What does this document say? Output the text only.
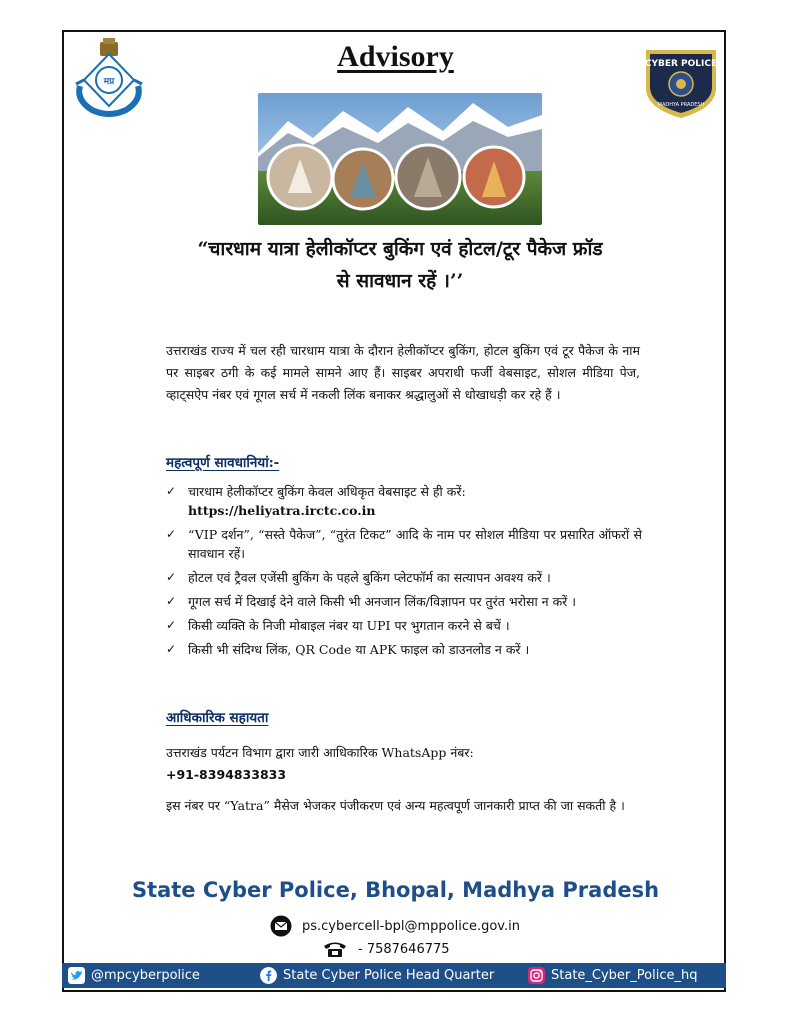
मप्र
CYBER POLICE
MADHYA PRADESH
Advisory
“चारधाम यात्रा हेलीकॉप्टर बुकिंग एवं होटल/टूर पैकेज फ्रॉड
से सावधान रहें ।’’
उत्तराखंड राज्य में चल रही चारधाम यात्रा के दौरान हेलीकॉप्टर बुकिंग, होटल बुकिंग एवं टूर पैकेज के नाम पर साइबर ठगी के कई मामले सामने आए हैं। साइबर अपराधी फर्जी वेबसाइट, सोशल मीडिया पेज, व्हाट्सऐप नंबर एवं गूगल सर्च में नकली लिंक बनाकर श्रद्धालुओं से धोखाधड़ी कर रहे हैं ।
महत्वपूर्ण सावधानियां:-
✓ चारधाम हेलीकॉप्टर बुकिंग केवल अधिकृत वेबसाइट से ही करें:
https://heliyatra.irctc.co.in
✓ “VIP दर्शन”, “सस्ते पैकेज”, “तुरंत टिकट” आदि के नाम पर सोशल मीडिया पर प्रसारित ऑफरों से सावधान रहें।
✓ होटल एवं ट्रैवल एजेंसी बुकिंग के पहले बुकिंग प्लेटफॉर्म का सत्यापन अवश्य करें ।
✓ गूगल सर्च में दिखाई देने वाले किसी भी अनजान लिंक/विज्ञापन पर तुरंत भरोसा न करें ।
✓ किसी व्यक्ति के निजी मोबाइल नंबर या UPI पर भुगतान करने से बचें ।
✓ किसी भी संदिग्ध लिंक, QR Code या APK फाइल को डाउनलोड न करें ।
आधिकारिक सहायता
उत्तराखंड पर्यटन विभाग द्वारा जारी आधिकारिक WhatsApp नंबर:
+91-8394833833
इस नंबर पर “Yatra” मैसेज भेजकर पंजीकरण एवं अन्य महत्वपूर्ण जानकारी प्राप्त की जा सकती है ।
State Cyber Police, Bhopal, Madhya Pradesh
ps.cybercell-bpl@mppolice.gov.in
- 7587646775
@mpcyberpolice	State Cyber Police Head Quarter	State_Cyber_Police_hq
